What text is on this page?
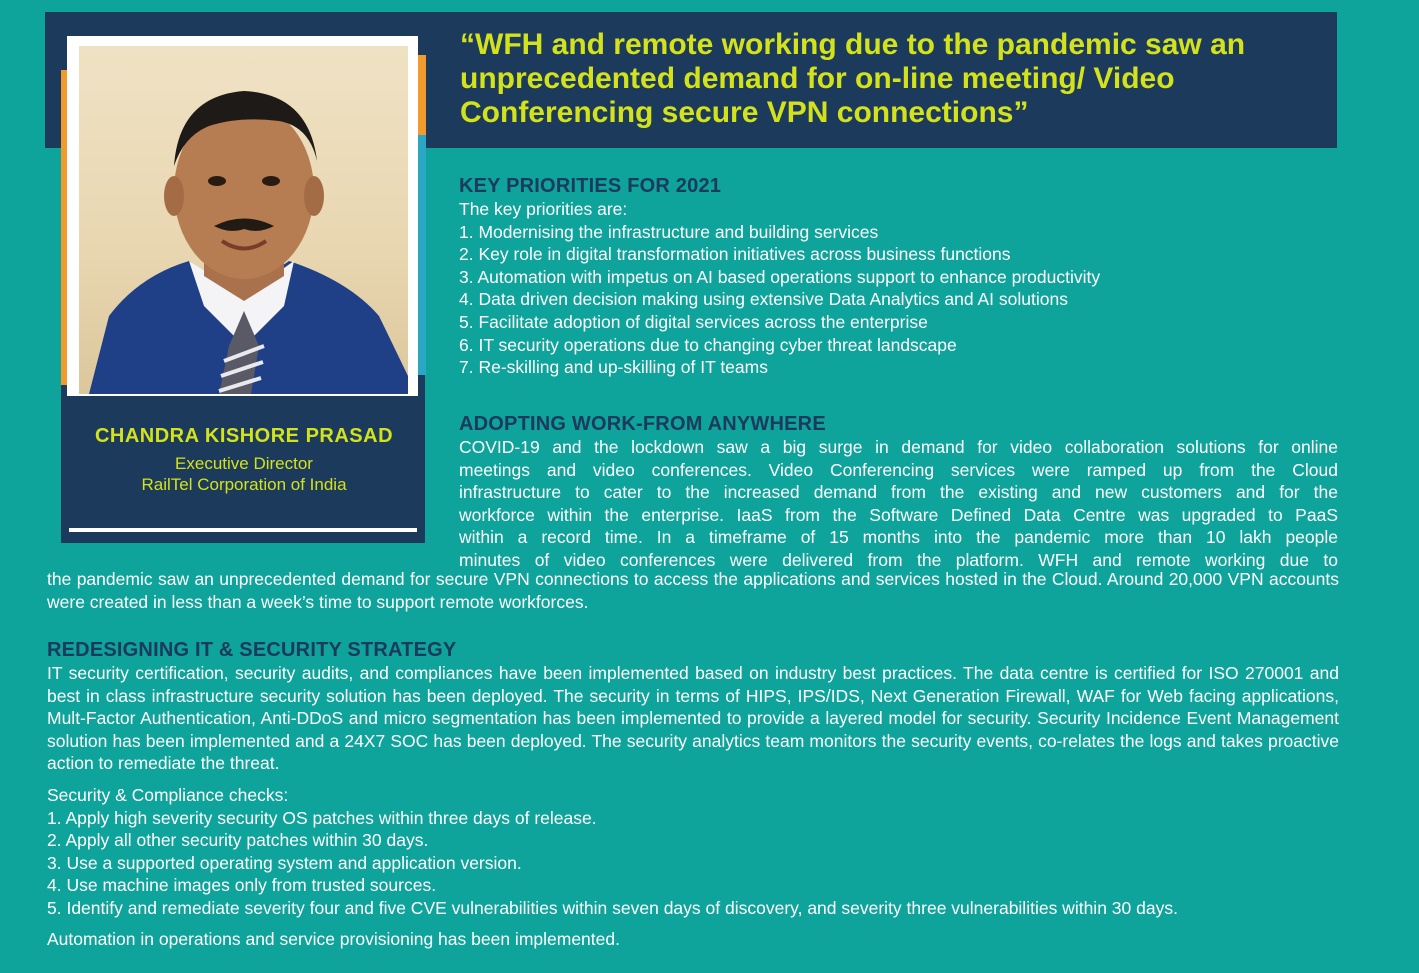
“WFH and remote working due to the pandemic saw an unprecedented demand for on-line meeting/ Video Conferencing secure VPN connections”

CHANDRA KISHORE PRASAD
Executive Director
RailTel Corporation of India
KEY PRIORITIES FOR 2021

The key priorities are:

1. Modernising the infrastructure and building services
2. Key role in digital transformation initiatives across business functions
3. Automation with impetus on AI based operations support to enhance productivity
4. Data driven decision making using extensive Data Analytics and AI solutions
5. Facilitate adoption of digital services across the enterprise
6. IT security operations due to changing cyber threat landscape
7. Re-skilling and up-skilling of IT teams
ADOPTING WORK-FROM ANYWHERE

COVID-19 and the lockdown saw a big surge in demand for video collaboration solutions for online

meetings and video conferences. Video Conferencing services were ramped up from the Cloud

infrastructure to cater to the increased demand from the existing and new customers and for the

workforce within the enterprise. IaaS from the Software Defined Data Centre was upgraded to PaaS

within a record time. In a timeframe of 15 months into the pandemic more than 10 lakh people

minutes of video conferences were delivered from the platform. WFH and remote working due to

the pandemic saw an unprecedented demand for secure VPN connections to access the applications and services hosted in the Cloud. Around 20,000 VPN accounts were created in less than a week’s time to support remote workforces.

REDESIGNING IT & SECURITY STRATEGY

IT security certification, security audits, and compliances have been implemented based on industry best practices. The data centre is certified for ISO 270001 and best in class infrastructure security solution has been deployed. The security in terms of HIPS, IPS/IDS, Next Generation Firewall, WAF for Web facing applications, Mult-Factor Authentication, Anti-DDoS and micro segmentation has been implemented to provide a layered model for security. Security Incidence Event Management solution has been implemented and a 24X7 SOC has been deployed. The security analytics team monitors the security events, co-relates the logs and takes proactive action to remediate the threat.

Security & Compliance checks:

1. Apply high severity security OS patches within three days of release.
2. Apply all other security patches within 30 days.
3. Use a supported operating system and application version.
4. Use machine images only from trusted sources.
5. Identify and remediate severity four and five CVE vulnerabilities within seven days of discovery, and severity three vulnerabilities within 30 days.

Automation in operations and service provisioning has been implemented.
